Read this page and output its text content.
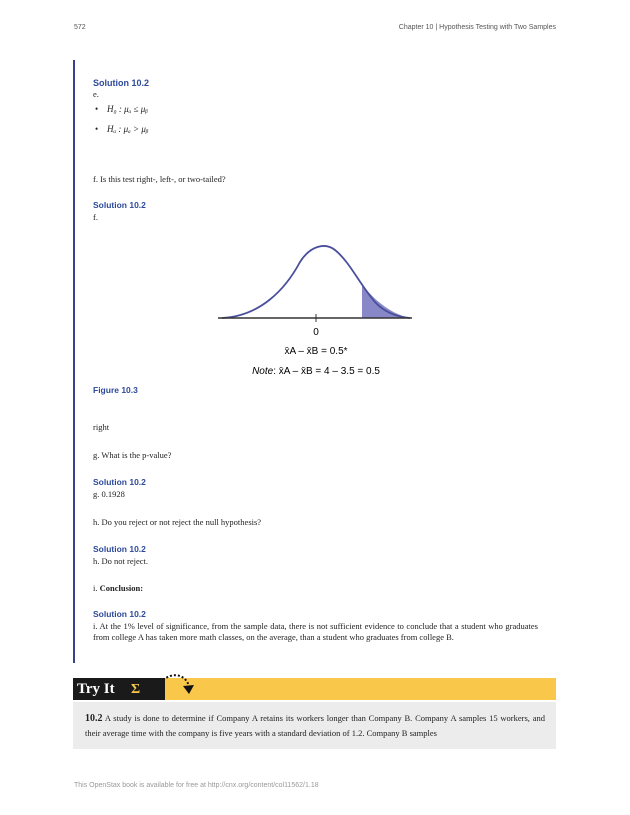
572	Chapter 10 | Hypothesis Testing with Two Samples
Solution 10.2
e.
• H₀ : μₐ ≤ μᵦ
• Hₐ : μₐ > μᵦ
f. Is this test right-, left-, or two-tailed?
Solution 10.2
f.
0
x̄A – x̄B = 0.5*
Note: x̄A – x̄B = 4 – 3.5 = 0.5
Figure 10.3
right
g. What is the p-value?
Solution 10.2
g. 0.1928
h. Do you reject or not reject the null hypothesis?
Solution 10.2
h. Do not reject.
i. Conclusion:
Solution 10.2
i. At the 1% level of significance, from the sample data, there is not sufficient evidence to conclude that a student who graduates from college A has taken more math classes, on the average, than a student who graduates from college B.
Try It Σ
10.2 A study is done to determine if Company A retains its workers longer than Company B. Company A samples 15 workers, and their average time with the company is five years with a standard deviation of 1.2. Company B samples
This OpenStax book is available for free at http://cnx.org/content/col11562/1.18
